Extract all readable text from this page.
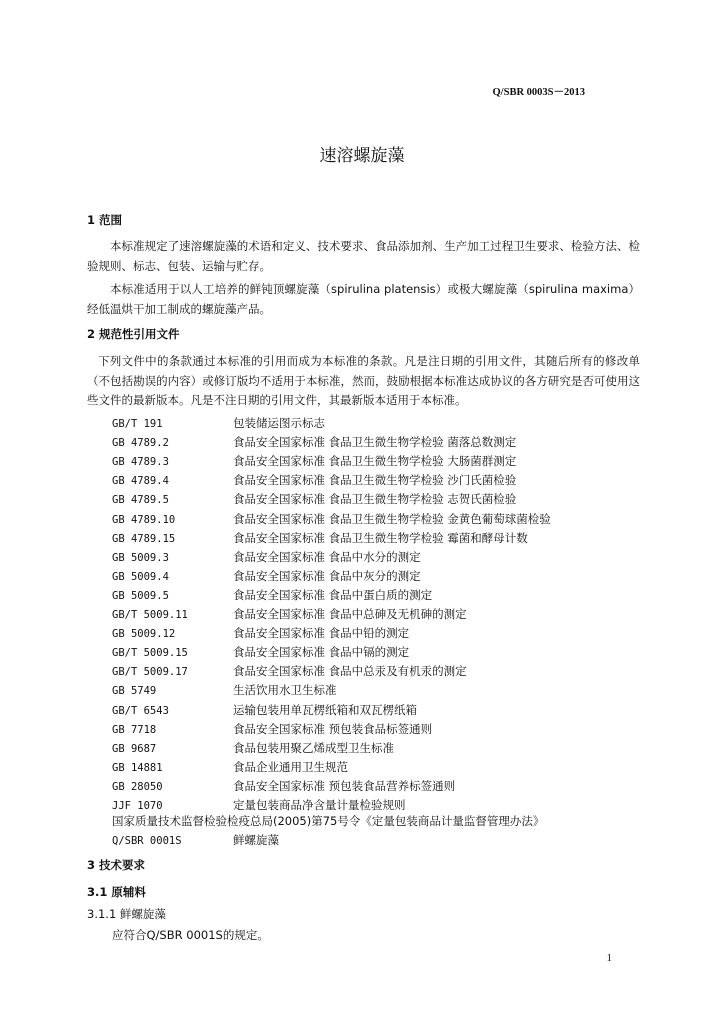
Q/SBR 0003S－2013
速溶螺旋藻
1 范围
本标准规定了速溶螺旋藻的术语和定义、技术要求、食品添加剂、生产加工过程卫生要求、检验方法、检验规则、标志、包装、运输与贮存。
本标准适用于以人工培养的鲜钝顶螺旋藻（spirulina platensis）或极大螺旋藻（spirulina maxima）经低温烘干加工制成的螺旋藻产品。
2 规范性引用文件
下列文件中的条款通过本标准的引用而成为本标准的条款。凡是注日期的引用文件，其随后所有的修改单（不包括勘误的内容）或修订版均不适用于本标准，然而，鼓励根据本标准达成协议的各方研究是否可使用这些文件的最新版本。凡是不注日期的引用文件，其最新版本适用于本标准。
GB/T 191	包装储运图示标志
GB 4789.2	食品安全国家标准 食品卫生微生物学检验 菌落总数测定
GB 4789.3	食品安全国家标准 食品卫生微生物学检验 大肠菌群测定
GB 4789.4	食品安全国家标准 食品卫生微生物学检验 沙门氏菌检验
GB 4789.5	食品安全国家标准 食品卫生微生物学检验 志贺氏菌检验
GB 4789.10	食品安全国家标准 食品卫生微生物学检验 金黄色葡萄球菌检验
GB 4789.15	食品安全国家标准 食品卫生微生物学检验 霉菌和酵母计数
GB 5009.3	食品安全国家标准 食品中水分的测定
GB 5009.4	食品安全国家标准 食品中灰分的测定
GB 5009.5	食品安全国家标准 食品中蛋白质的测定
GB/T 5009.11	食品安全国家标准 食品中总砷及无机砷的测定
GB 5009.12	食品安全国家标准 食品中铅的测定
GB/T 5009.15	食品安全国家标准 食品中镉的测定
GB/T 5009.17	食品安全国家标准 食品中总汞及有机汞的测定
GB 5749	生活饮用水卫生标准
GB/T 6543	运输包装用单瓦楞纸箱和双瓦楞纸箱
GB 7718	食品安全国家标准 预包装食品标签通则
GB 9687	食品包装用聚乙烯成型卫生标准
GB 14881	食品企业通用卫生规范
GB 28050	食品安全国家标准 预包装食品营养标签通则
JJF 1070	定量包装商品净含量计量检验规则
国家质量技术监督检验检疫总局(2005)第75号令《定量包装商品计量监督管理办法》
Q/SBR 0001S	鲜螺旋藻
3 技术要求
3.1 原辅料
3.1.1 鲜螺旋藻
应符合Q/SBR 0001S的规定。
1
